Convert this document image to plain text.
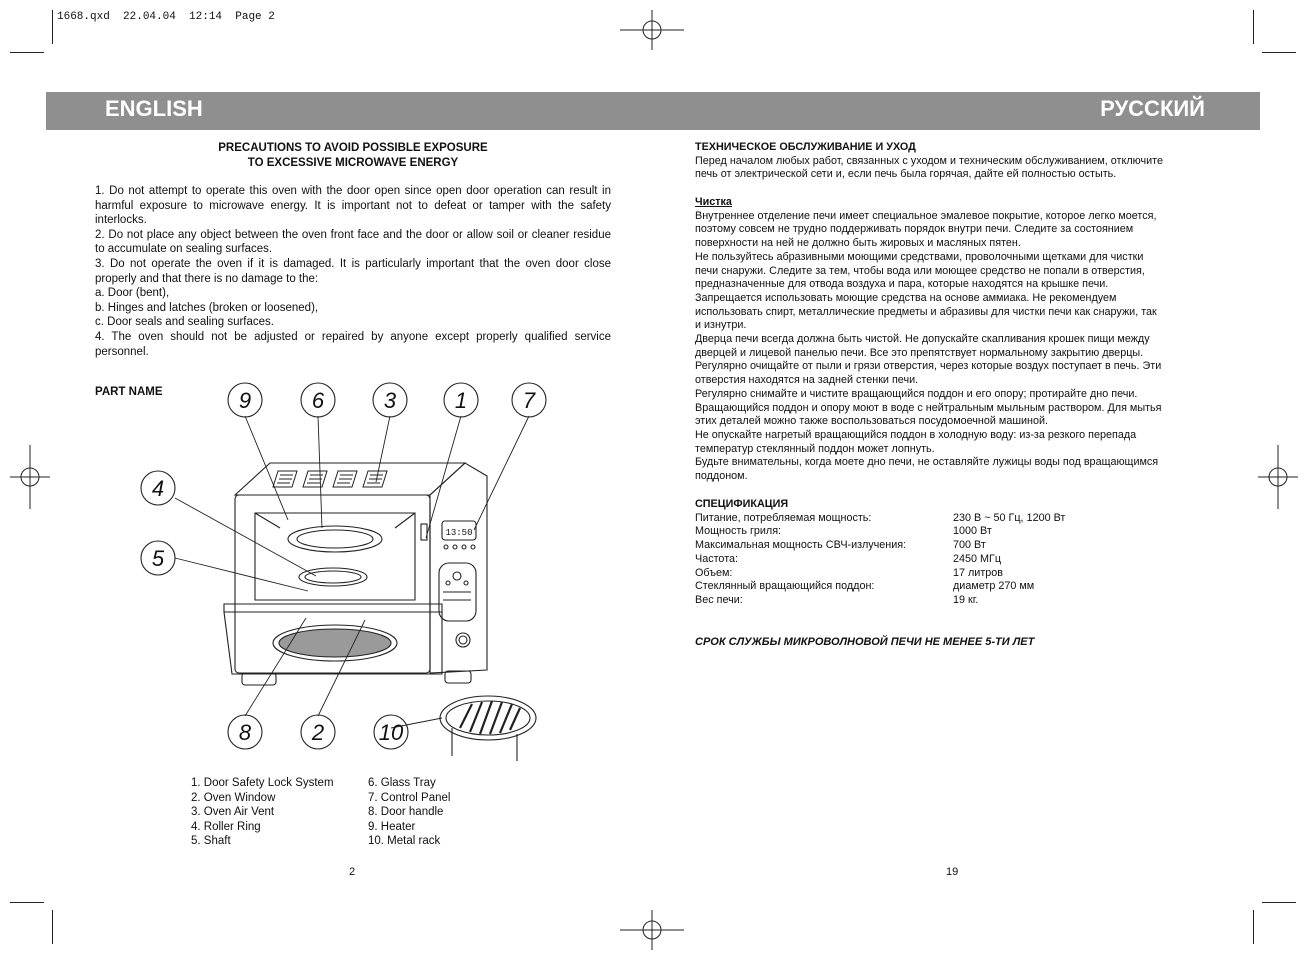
1668.qxd 22.04.04 12:14 Page 2
ENGLISH	РУССКИЙ
PRECAUTIONS TO AVOID POSSIBLE EXPOSURE
TO EXCESSIVE MICROWAVE ENERGY
1. Do not attempt to operate this oven with the door open since open door operation can result in harmful exposure to microwave energy. It is important not to defeat or tamper with the safety interlocks.
2. Do not place any object between the oven front face and the door or allow soil or cleaner residue to accumulate on sealing surfaces.
3. Do not operate the oven if it is damaged. It is particularly important that the oven door close properly and that there is no damage to the:
a. Door (bent),
b. Hinges and latches (broken or loosened),
c. Door seals and sealing surfaces.
4. The oven should not be adjusted or repaired by anyone except properly qualified service personnel.
PART NAME	9	6	3	1	7
4
5
8	2 10
13:50
1. Door Safety Lock System
2. Oven Window
3. Oven Air Vent
4. Roller Ring
5. Shaft
6. Glass Tray
7. Control Panel
8. Door handle
9. Heater
10. Metal rack
2
ТЕХНИЧЕСКОЕ ОБСЛУЖИВАНИЕ И УХОД
Перед началом любых работ, связанных с уходом и техническим обслуживанием, отключите
печь от электрической сети и, если печь была горячая, дайте ей полностью остыть.
Чистка
Внутреннее отделение печи имеет специальное эмалевое покрытие, которое легко моется,
поэтому совсем не трудно поддерживать порядок внутри печи. Следите за состоянием
поверхности на ней не должно быть жировых и масляных пятен.
Не пользуйтесь абразивными моющими средствами, проволочными щетками для чистки
печи снаружи. Следите за тем, чтобы вода или моющее средство не попали в отверстия,
предназначенные для отвода воздуха и пара, которые находятся на крышке печи.
Запрещается использовать моющие средства на основе аммиака. Не рекомендуем
использовать спирт, металлические предметы и абразивы для чистки печи как снаружи, так
и изнутри.
Дверца печи всегда должна быть чистой. Не допускайте скапливания крошек пищи между
дверцей и лицевой панелью печи. Все это препятствует нормальному закрытию дверцы.
Регулярно очищайте от пыли и грязи отверстия, через которые воздух поступает в печь. Эти
отверстия находятся на задней стенки печи.
Регулярно снимайте и чистите вращающийся поддон и его опору; протирайте дно печи.
Вращающийся поддон и опору моют в воде с нейтральным мыльным раствором. Для мытья
этих деталей можно также воспользоваться посудомоечной машиной.
Не опускайте нагретый вращающийся поддон в холодную воду: из-за резкого перепада
температур стеклянный поддон может лопнуть.
Будьте внимательны, когда моете дно печи, не оставляйте лужицы воды под вращающимся
поддоном.
СПЕЦИФИКАЦИЯ
Питание, потребляемая мощность:	230 В ~ 50 Гц, 1200 Вт
Мощность гриля:	1000 Вт
Максимальная мощность СВЧ-излучения:	700 Вт
Частота:	2450 МГц
Объем:	17 литров
Стеклянный вращающийся поддон:	диаметр 270 мм
Вес печи:	19 кг.
СРОК СЛУЖБЫ МИКРОВОЛНОВОЙ ПЕЧИ НЕ МЕНЕЕ 5-ТИ ЛЕТ
19
